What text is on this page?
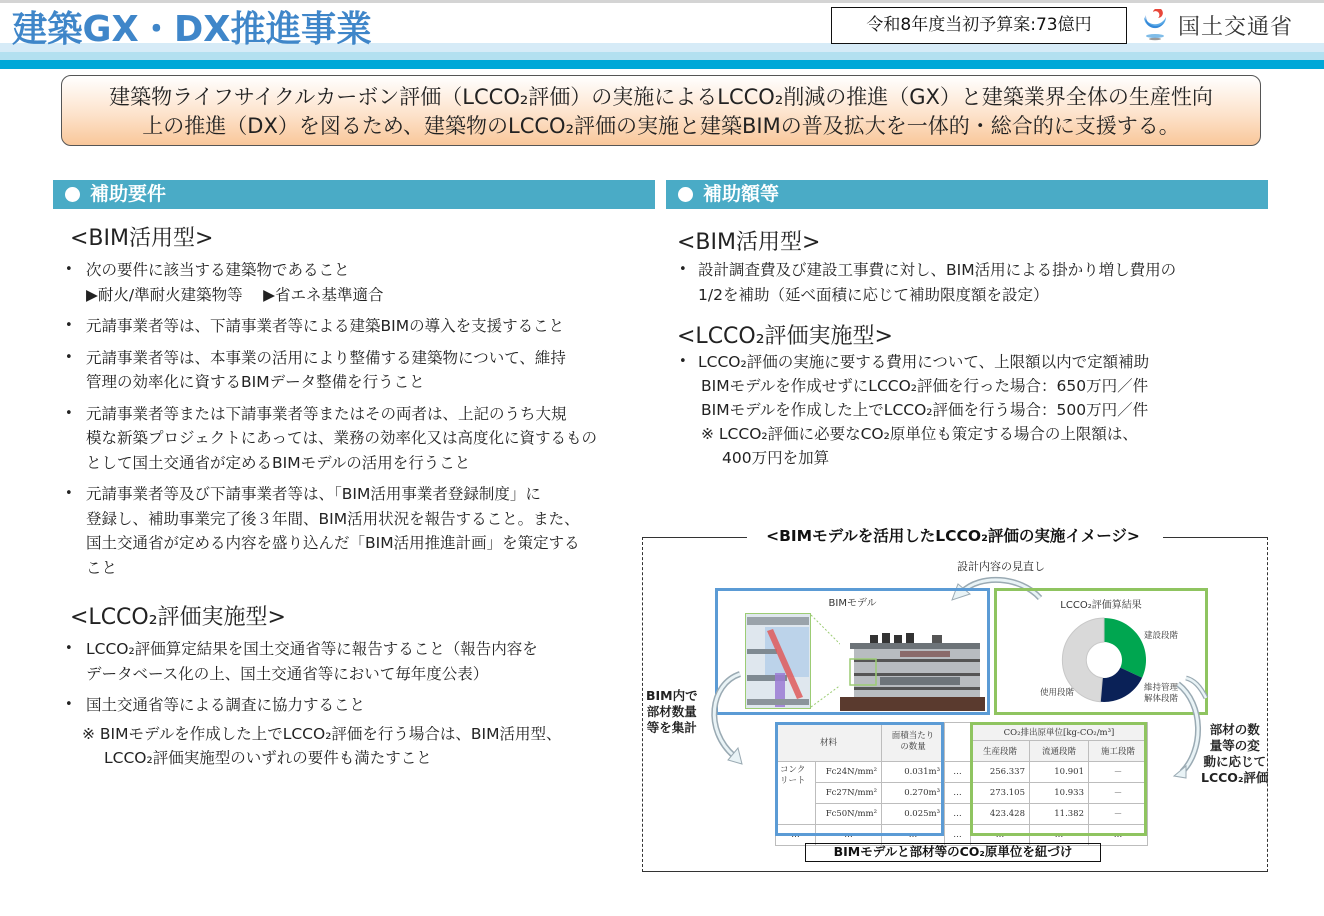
建築GX・DX推進事業	令和8年度当初予算案:73億円	国土交通省
建築物ライフサイクルカーボン評価（LCCO₂評価）の実施によるLCCO₂削減の推進（GX）と建築業界全体の生産性向
上の推進（DX）を図るため、建築物のLCCO₂評価の実施と建築BIMの普及拡大を一体的・総合的に支援する。
補助要件
<BIM活用型>
• 次の要件に該当する建築物であること
▶耐火/準耐火建築物等　 ▶省エネ基準適合
• 元請事業者等は、下請事業者等による建築BIMの導入を支援すること
• 元請事業者等は、本事業の活用により整備する建築物について、維持
管理の効率化に資するBIMデータ整備を行うこと
• 元請事業者等または下請事業者等またはその両者は、上記のうち大規
模な新築プロジェクトにあっては、業務の効率化又は高度化に資するもの
として国土交通省が定めるBIMモデルの活用を行うこと
• 元請事業者等及び下請事業者等は、「BIM活用事業者登録制度」に
登録し、補助事業完了後３年間、BIM活用状況を報告すること。また、
国土交通省が定める内容を盛り込んだ「BIM活用推進計画」を策定する
こと
<LCCO₂評価実施型>
• LCCO₂評価算定結果を国土交通省等に報告すること（報告内容を
データベース化の上、国土交通省等において毎年度公表）
• 国土交通省等による調査に協力すること
※ BIMモデルを作成した上でLCCO₂評価を行う場合は、BIM活用型、
LCCO₂評価実施型のいずれの要件も満たすこと
補助額等
<BIM活用型>
• 設計調査費及び建設工事費に対し、BIM活用による掛かり増し費用の
1/2を補助（延べ面積に応じて補助限度額を設定）
<LCCO₂評価実施型>
• LCCO₂評価の実施に要する費用について、上限額以内で定額補助
BIMモデルを作成せずにLCCO₂評価を行った場合：650万円／件
BIMモデルを作成した上でLCCO₂評価を行う場合：500万円／件
※ LCCO₂評価に必要なCO₂原単位も策定する場合の上限額は、
400万円を加算
<BIMモデルを活用したLCCO₂評価の実施イメージ>
設計内容の見直し
BIMモデル	LCCO₂評価算結果
建設段階
維持管理・
解体段階
使用段階
BIM内で
部材数量
等を集計	部材の数
量等の変
動に応じて
LCCO₂評価
材料		面積当たり
の数量		CO₂排出原単位[kg-CO₂/m³]		
				生産段階	流通段階	施工段階

コンク
リート	Fc24N/mm²	0.031m³	…	256.337	10.901	－
	Fc27N/mm²	0.270m³	…	273.105	10.933	－
	Fc50N/mm²	0.025m³	…	423.428	11.382	－
…	…	…	…	…	…	…
BIMモデルと部材等のCO₂原単位を紐づけ
